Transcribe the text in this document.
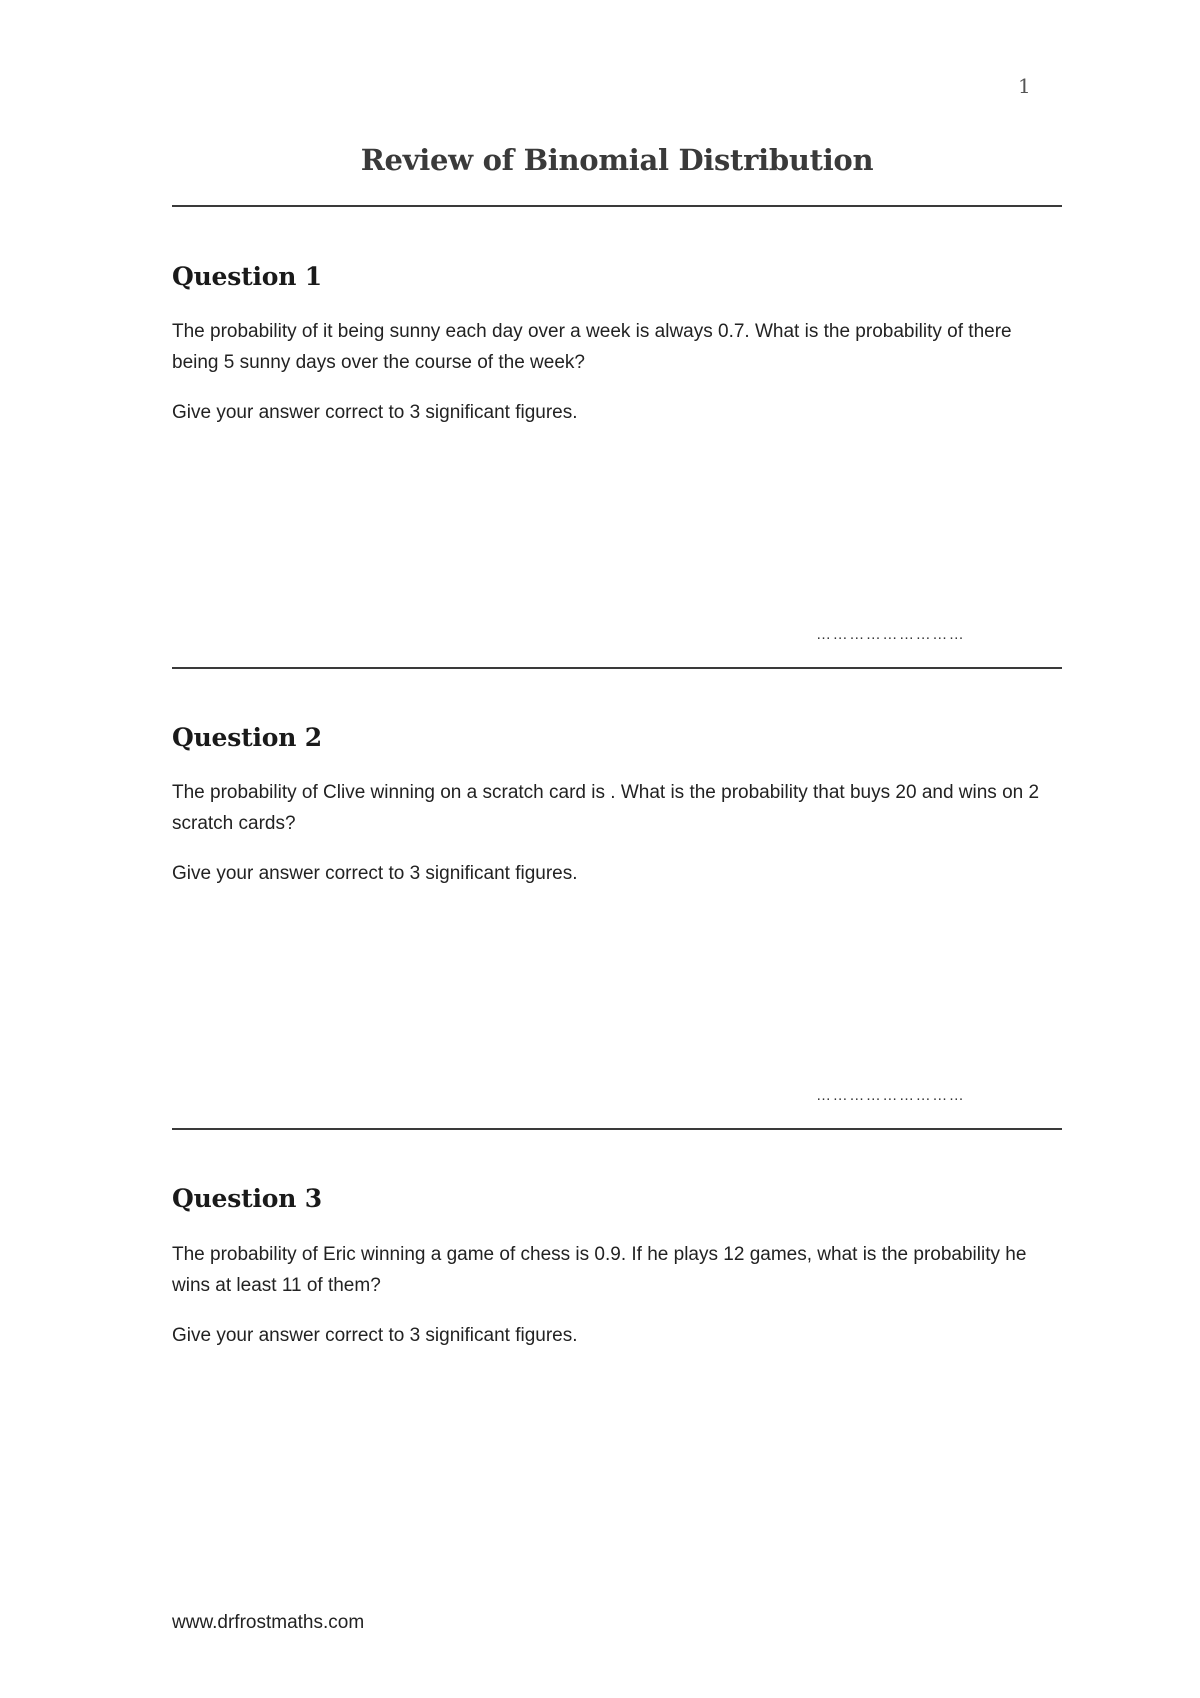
1
Review of Binomial Distribution
Question 1

The probability of it being sunny each day over a week is always 0.7. What is the probability of there being 5 sunny days over the course of the week?

Give your answer correct to 3 significant figures.
………………………
Question 2

The probability of Clive winning on a scratch card is . What is the probability that buys 20 and wins on 2 scratch cards?

Give your answer correct to 3 significant figures.
………………………
Question 3

The probability of Eric winning a game of chess is 0.9. If he plays 12 games, what is the probability he wins at least 11 of them?

Give your answer correct to 3 significant figures.
www.drfrostmaths.com
